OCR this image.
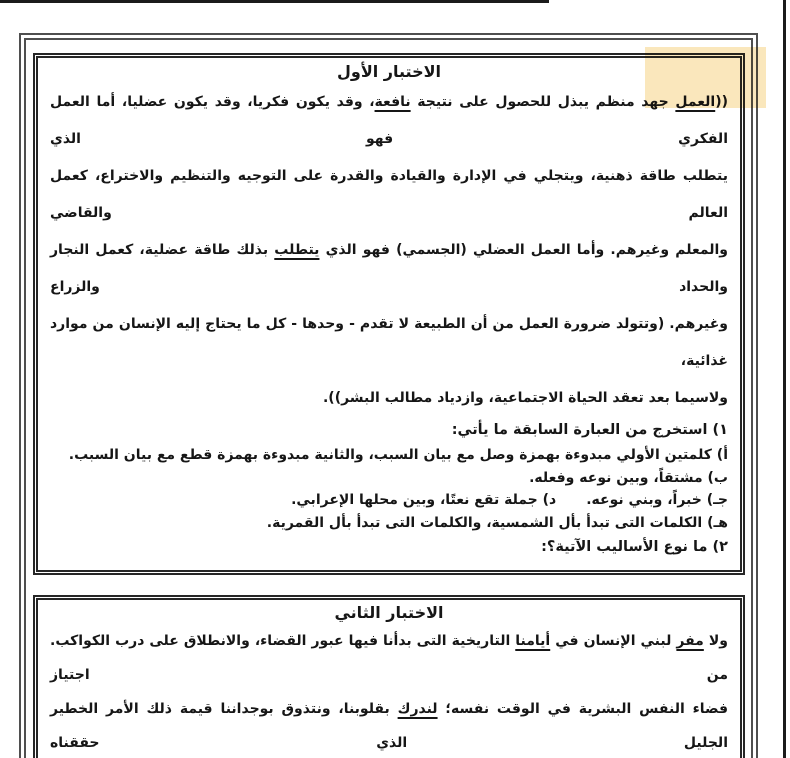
الاختبار الأول
((العمل جهد منظم يبذل للحصول على نتيجة نافعة، وقد يكون فكريا، وقد يكون عضليا، أما العمل الفكري فهو الذي
يتطلب طاقة ذهنية، ويتجلي في الإدارة والقيادة والقدرة على التوجيه والتنظيم والاختراع، كعمل العالم والقاضي
والمعلم وغيرهم. وأما العمل العضلي (الجسمي) فهو الذي يتطلب بذلك طاقة عضلية، كعمل النجار والحداد والزراع
وغيرهم. (وتتولد ضرورة العمل من أن الطبيعة لا تقدم - وحدها - كل ما يحتاج إليه الإنسان من موارد غذائية،
ولاسيما بعد تعقد الحياة الاجتماعية، وازدياد مطالب البشر)).
١) استخرج من العبارة السابقة ما يأتي:
أ) كلمتين الأولي مبدوءة بهمزة وصل مع بيان السبب، والثانية مبدوءة بهمزة قطع مع بيان السبب.
ب) مشتقاً، وبين نوعه وفعله.
جـ) خبراً، وبني نوعه.
د) جملة تقع نعتًا، وبين محلها الإعرابي.
هـ) الكلمات التى تبدأ بأل الشمسية، والكلمات التى تبدأ بأل القمرية.
٢) ما نوع الأساليب الآتية؟:
الاختبار الثاني
ولا مفر لبني الإنسان في أيامنا التاريخية التى بدأنا فيها عبور القضاء، والانطلاق على درب الكواكب. من اجتياز
فضاء النفس البشرية في الوقت نفسه؛ لندرك بقلوبنا، ونتذوق بوجداننا قيمة ذلك الأمر الخطير الجليل الذي حققناه
